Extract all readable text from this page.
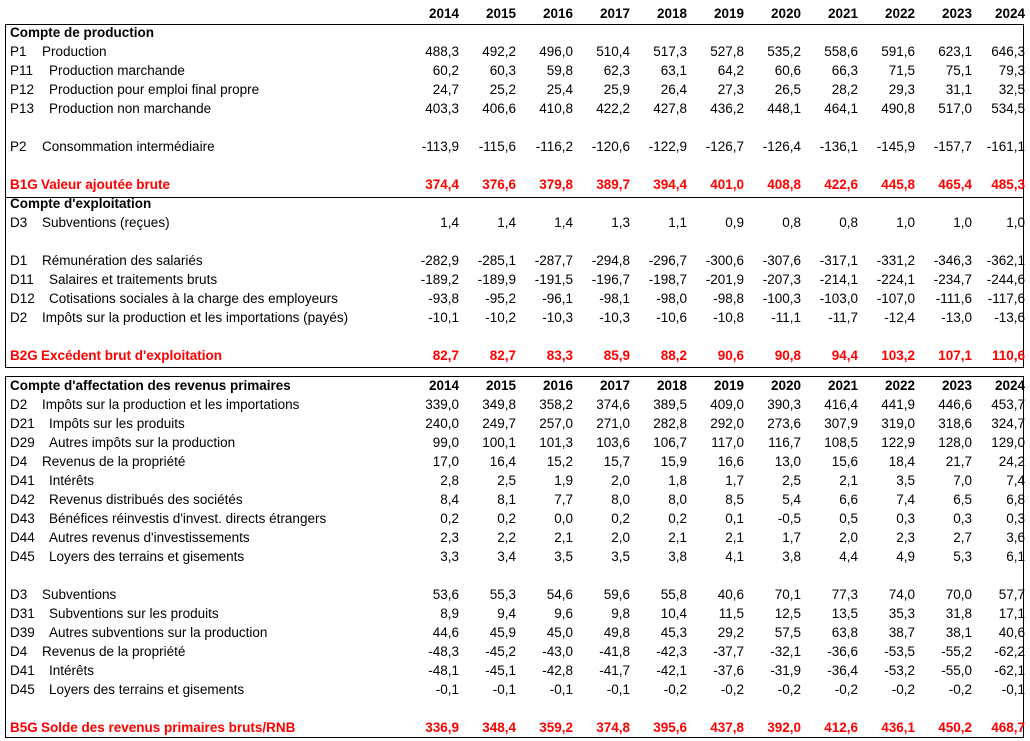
	2014	2015	2016	2017	2018	2019	2020	2021	2022	2023	2024
Compte de production											
P1 Production	488,3	492,2	496,0	510,4	517,3	527,8	535,2	558,6	591,6	623,1	646,3
P11 Production marchande	60,2	60,3	59,8	62,3	63,1	64,2	60,6	66,3	71,5	75,1	79,3
P12 Production pour emploi final propre	24,7	25,2	25,4	25,9	26,4	27,3	26,5	28,2	29,3	31,1	32,5
P13 Production non marchande	403,3	406,6	410,8	422,2	427,8	436,2	448,1	464,1	490,8	517,0	534,5

P2 Consommation intermédiaire	-113,9	-115,6	-116,2	-120,6	-122,9	-126,7	-126,4	-136,1	-145,9	-157,7	-161,1

B1G Valeur ajoutée brute	374,4	376,6	379,8	389,7	394,4	401,0	408,8	422,6	445,8	465,4	485,3
Compte d'exploitation											
D3 Subventions (reçues)	1,4	1,4	1,4	1,3	1,1	0,9	0,8	0,8	1,0	1,0	1,0

D1 Rémunération des salariés	-282,9	-285,1	-287,7	-294,8	-296,7	-300,6	-307,6	-317,1	-331,2	-346,3	-362,1
D11 Salaires et traitements bruts	-189,2	-189,9	-191,5	-196,7	-198,7	-201,9	-207,3	-214,1	-224,1	-234,7	-244,6
D12 Cotisations sociales à la charge des employeurs	-93,8	-95,2	-96,1	-98,1	-98,0	-98,8	-100,3	-103,0	-107,0	-111,6	-117,6
D2 Impôts sur la production et les importations (payés)	-10,1	-10,2	-10,3	-10,3	-10,6	-10,8	-11,1	-11,7	-12,4	-13,0	-13,6

B2G Excédent brut d'exploitation	82,7	82,7	83,3	85,9	88,2	90,6	90,8	94,4	103,2	107,1	110,6
Compte d'affectation des revenus primaires	2014	2015	2016	2017	2018	2019	2020	2021	2022	2023	2024
D2 Impôts sur la production et les importations	339,0	349,8	358,2	374,6	389,5	409,0	390,3	416,4	441,9	446,6	453,7
D21 Impôts sur les produits	240,0	249,7	257,0	271,0	282,8	292,0	273,6	307,9	319,0	318,6	324,7
D29 Autres impôts sur la production	99,0	100,1	101,3	103,6	106,7	117,0	116,7	108,5	122,9	128,0	129,0
D4 Revenus de la propriété	17,0	16,4	15,2	15,7	15,9	16,6	13,0	15,6	18,4	21,7	24,2
D41 Intérêts	2,8	2,5	1,9	2,0	1,8	1,7	2,5	2,1	3,5	7,0	7,4
D42 Revenus distribués des sociétés	8,4	8,1	7,7	8,0	8,0	8,5	5,4	6,6	7,4	6,5	6,8
D43 Bénéfices réinvestis d'invest. directs étrangers	0,2	0,2	0,0	0,2	0,2	0,1	-0,5	0,5	0,3	0,3	0,3
D44 Autres revenus d'investissements	2,3	2,2	2,1	2,0	2,1	2,1	1,7	2,0	2,3	2,7	3,6
D45 Loyers des terrains et gisements	3,3	3,4	3,5	3,5	3,8	4,1	3,8	4,4	4,9	5,3	6,1

D3 Subventions	53,6	55,3	54,6	59,6	55,8	40,6	70,1	77,3	74,0	70,0	57,7
D31 Subventions sur les produits	8,9	9,4	9,6	9,8	10,4	11,5	12,5	13,5	35,3	31,8	17,1
D39 Autres subventions sur la production	44,6	45,9	45,0	49,8	45,3	29,2	57,5	63,8	38,7	38,1	40,6
D4 Revenus de la propriété	-48,3	-45,2	-43,0	-41,8	-42,3	-37,7	-32,1	-36,6	-53,5	-55,2	-62,2
D41 Intérêts	-48,1	-45,1	-42,8	-41,7	-42,1	-37,6	-31,9	-36,4	-53,2	-55,0	-62,1
D45 Loyers des terrains et gisements	-0,1	-0,1	-0,1	-0,1	-0,2	-0,2	-0,2	-0,2	-0,2	-0,2	-0,1

B5G Solde des revenus primaires bruts/RNB	336,9	348,4	359,2	374,8	395,6	437,8	392,0	412,6	436,1	450,2	468,7
